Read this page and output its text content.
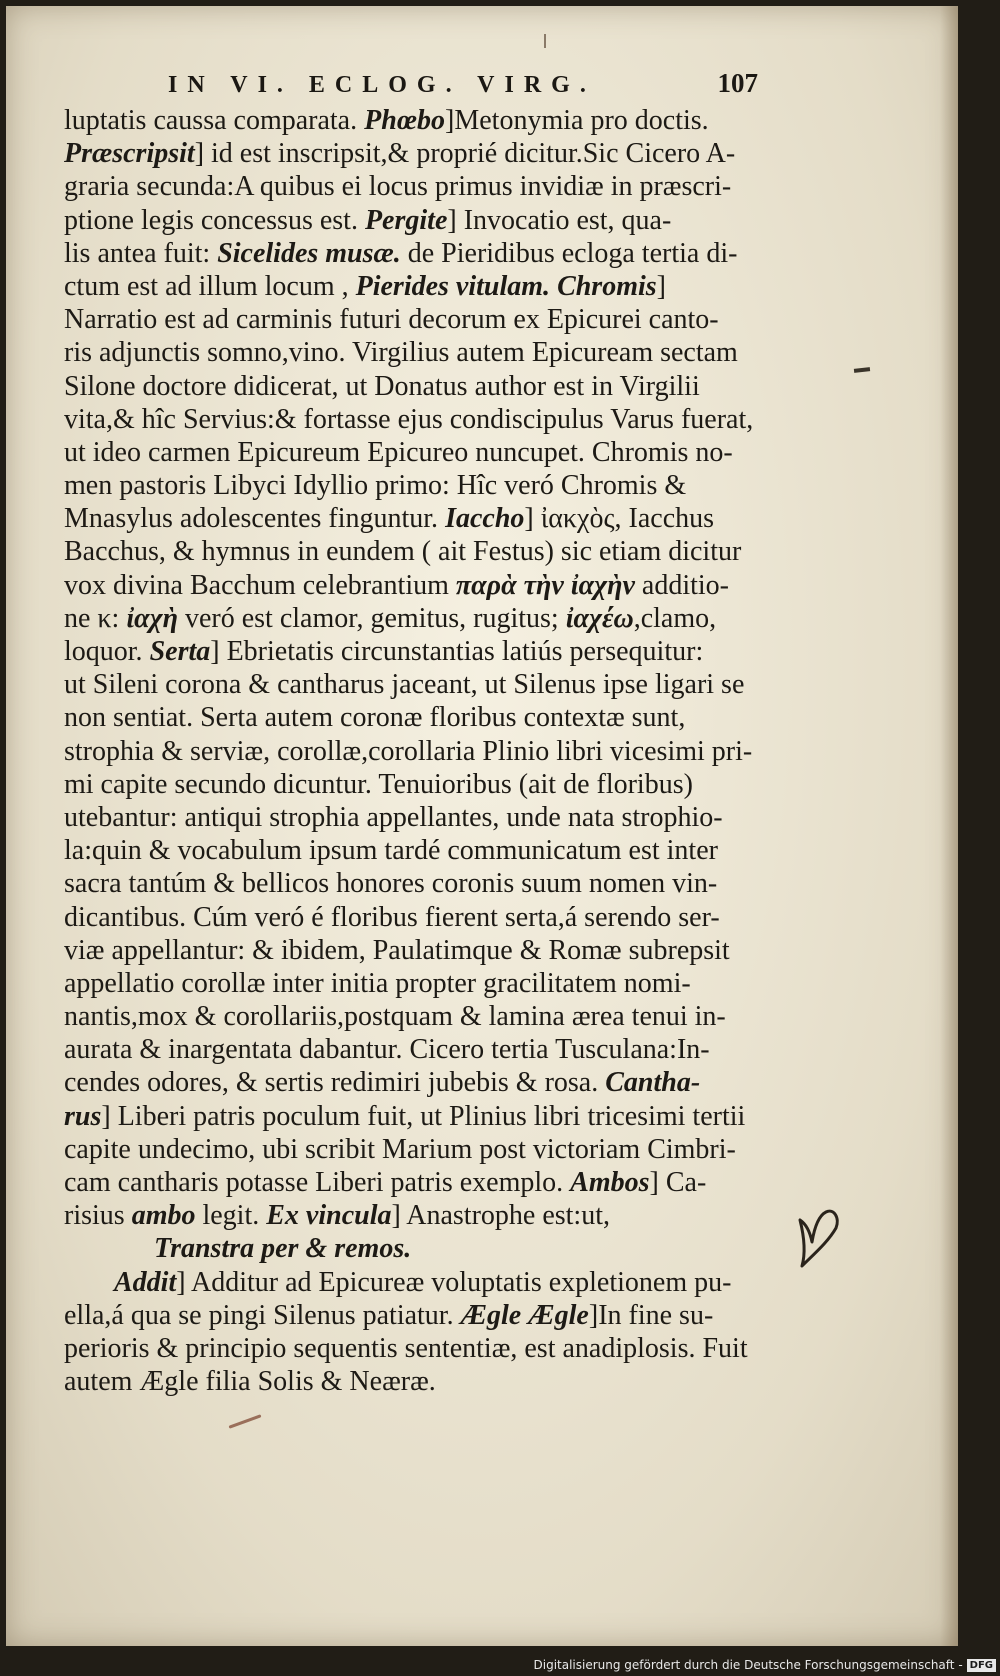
IN VI. ECLOG. VIRG.	107
luptatis caussa comparata. Phœbo]Metonymia pro doctis.
Præscripsit] id est inscripsit,& proprié dicitur.Sic Cicero A-
graria secunda:A quibus ei locus primus invidiæ in præscri-
ptione legis concessus est. Pergite] Invocatio est, qua-
lis antea fuit: Sicelides musæ. de Pieridibus ecloga tertia di-
ctum est ad illum locum , Pierides vitulam. Chromis]
Narratio est ad carminis futuri decorum ex Epicurei canto-
ris adjunctis somno,vino. Virgilius autem Epicuream sectam
Silone doctore didicerat, ut Donatus author est in Virgilii
vita,& hîc Servius:& fortasse ejus condiscipulus Varus fuerat,
ut ideo carmen Epicureum Epicureo nuncupet. Chromis no-
men pastoris Libyci Idyllio primo: Hîc veró Chromis &
Mnasylus adolescentes finguntur. Iaccho] ἰακχὸς, Iacchus
Bacchus, & hymnus in eundem ( ait Festus) sic etiam dicitur
vox divina Bacchum celebrantium παρὰ τὴν ἰαχὴν additio-
ne κ: ἰαχὴ veró est clamor, gemitus, rugitus; ἰαχέω,clamo,
loquor. Serta] Ebrietatis circunstantias latiús persequitur:
ut Sileni corona & cantharus jaceant, ut Silenus ipse ligari se
non sentiat. Serta autem coronæ floribus contextæ sunt,
strophia & serviæ, corollæ,corollaria Plinio libri vicesimi pri-
mi capite secundo dicuntur. Tenuioribus (ait de floribus)
utebantur: antiqui strophia appellantes, unde nata strophio-
la:quin & vocabulum ipsum tardé communicatum est inter
sacra tantúm & bellicos honores coronis suum nomen vin-
dicantibus. Cúm veró é floribus fierent serta,á serendo ser-
viæ appellantur: & ibidem, Paulatimque & Romæ subrepsit
appellatio corollæ inter initia propter gracilitatem nomi-
nantis,mox & corollariis,postquam & lamina ærea tenui in-
aurata & inargentata dabantur. Cicero tertia Tusculana:In-
cendes odores, & sertis redimiri jubebis & rosa. Cantha-
rus] Liberi patris poculum fuit, ut Plinius libri tricesimi tertii
capite undecimo, ubi scribit Marium post victoriam Cimbri-
cam cantharis potasse Liberi patris exemplo. Ambos] Ca-
risius ambo legit. Ex vincula] Anastrophe est:ut,
Transtra per & remos.
Addit] Additur ad Epicureæ voluptatis expletionem pu-
ella,á qua se pingi Silenus patiatur. Ægle Ægle]In fine su-
perioris & principio sequentis sententiæ, est anadiplosis. Fuit
autem Ægle filia Solis & Neæræ.
Digitalisierung gefördert durch die Deutsche Forschungsgemeinschaft - DFG
